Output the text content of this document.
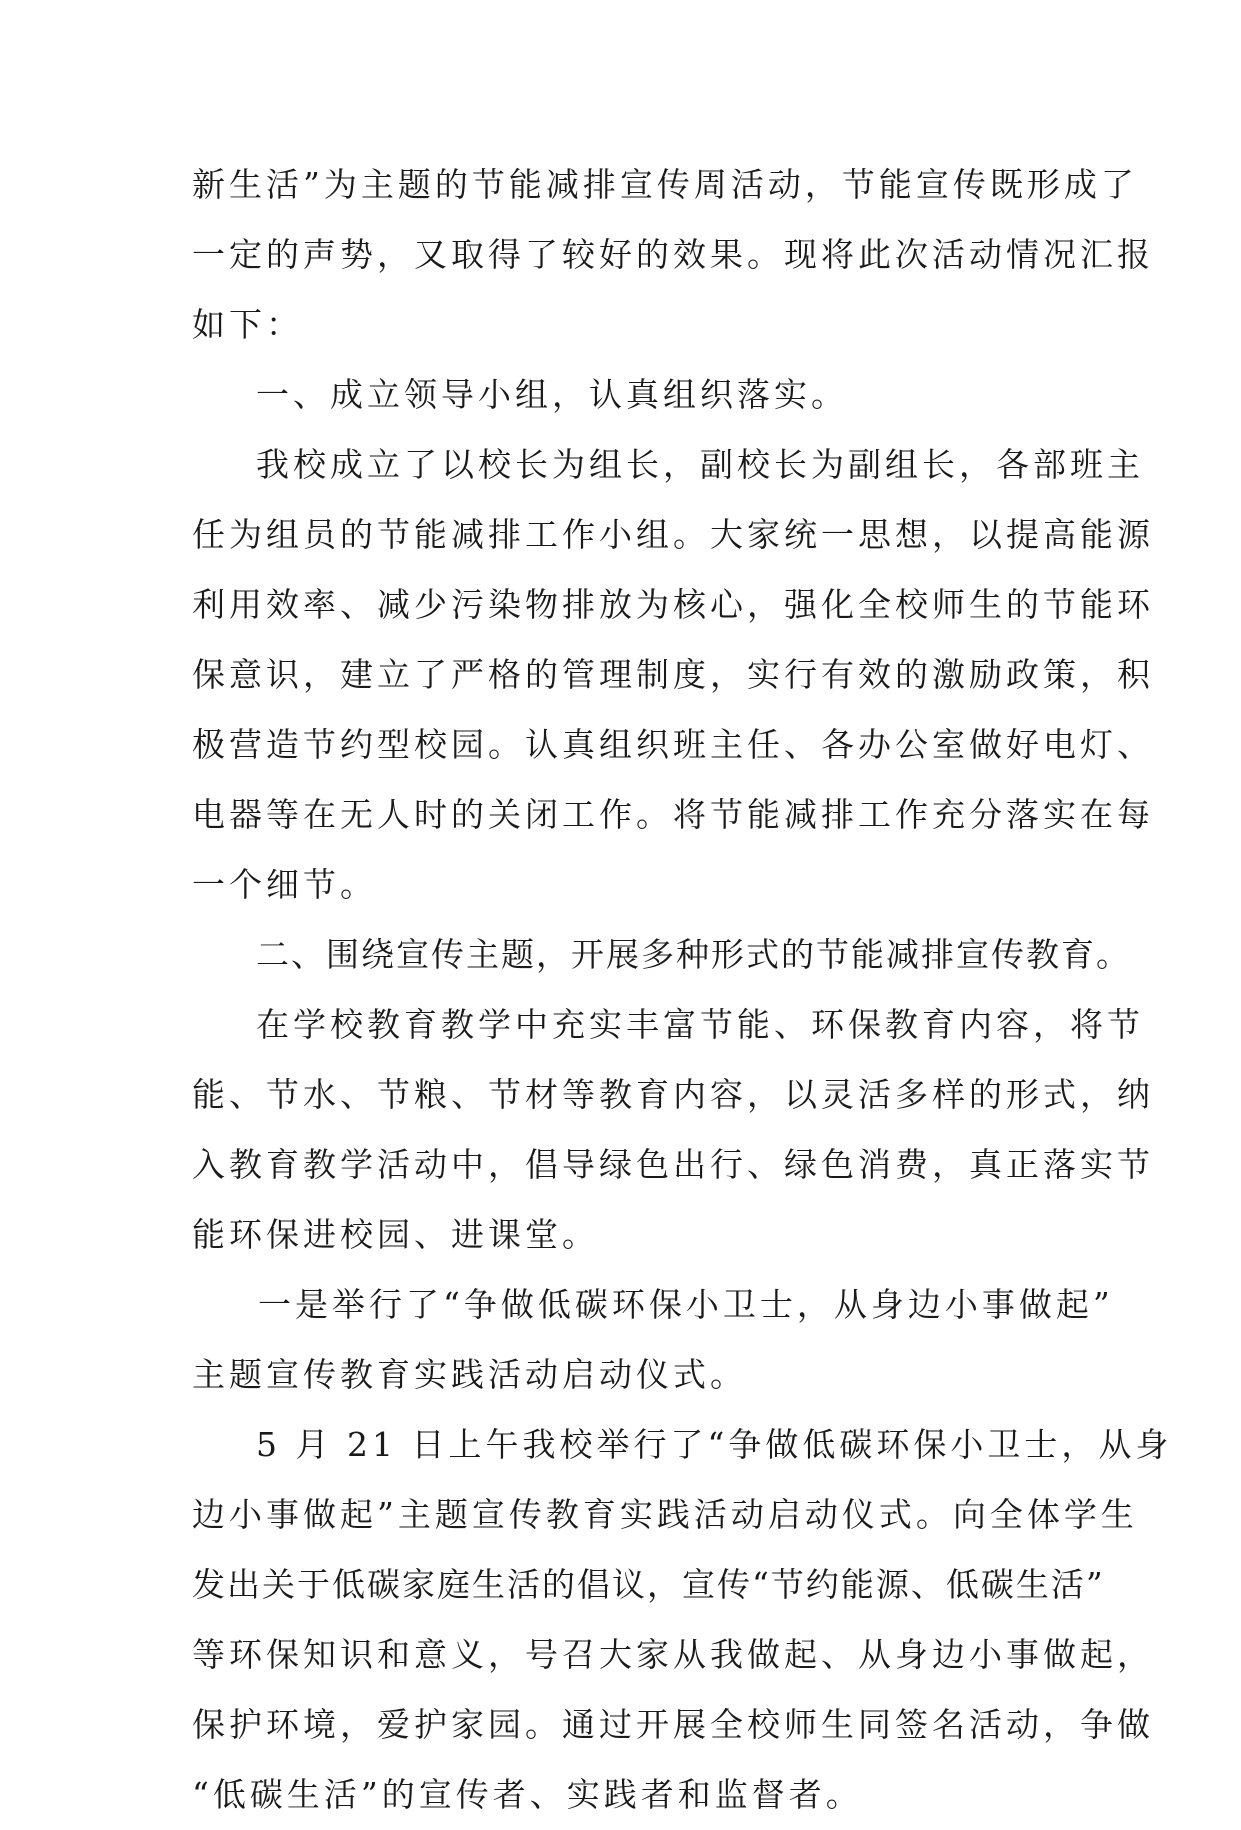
新生活”为主题的节能减排宣传周活动，节能宣传既形成了
一定的声势，又取得了较好的效果。现将此次活动情况汇报
如下：
一、成立领导小组，认真组织落实。
我校成立了以校长为组长，副校长为副组长，各部班主
任为组员的节能减排工作小组。大家统一思想，以提高能源
利用效率、减少污染物排放为核心，强化全校师生的节能环
保意识，建立了严格的管理制度，实行有效的激励政策，积
极营造节约型校园。认真组织班主任、各办公室做好电灯、
电器等在无人时的关闭工作。将节能减排工作充分落实在每
一个细节。
二、围绕宣传主题，开展多种形式的节能减排宣传教育。
在学校教育教学中充实丰富节能、环保教育内容，将节
能、节水、节粮、节材等教育内容，以灵活多样的形式，纳
入教育教学活动中，倡导绿色出行、绿色消费，真正落实节
能环保进校园、进课堂。
一是举行了“争做低碳环保小卫士，从身边小事做起”
主题宣传教育实践活动启动仪式。
5 月 21 日上午我校举行了“争做低碳环保小卫士，从身
边小事做起”主题宣传教育实践活动启动仪式。向全体学生
发出关于低碳家庭生活的倡议，宣传“节约能源、低碳生活”
等环保知识和意义，号召大家从我做起、从身边小事做起，
保护环境，爱护家园。通过开展全校师生同签名活动，争做
“低碳生活”的宣传者、实践者和监督者。
